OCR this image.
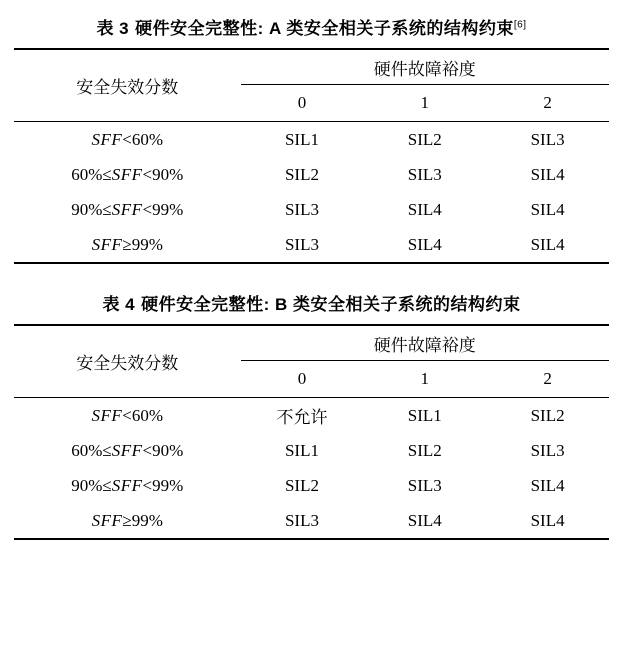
表 3 硬件安全完整性: A 类安全相关子系统的结构约束[6]
安全失效分数	硬件故障裕度		
	0	1	2

SFF<60%	SIL1	SIL2	SIL3
60%≤SFF<90%	SIL2	SIL3	SIL4
90%≤SFF<99%	SIL3	SIL4	SIL4
SFF≥99%	SIL3	SIL4	SIL4
表 4 硬件安全完整性: B 类安全相关子系统的结构约束
安全失效分数	硬件故障裕度		
	0	1	2

SFF<60%	不允许	SIL1	SIL2
60%≤SFF<90%	SIL1	SIL2	SIL3
90%≤SFF<99%	SIL2	SIL3	SIL4
SFF≥99%	SIL3	SIL4	SIL4
